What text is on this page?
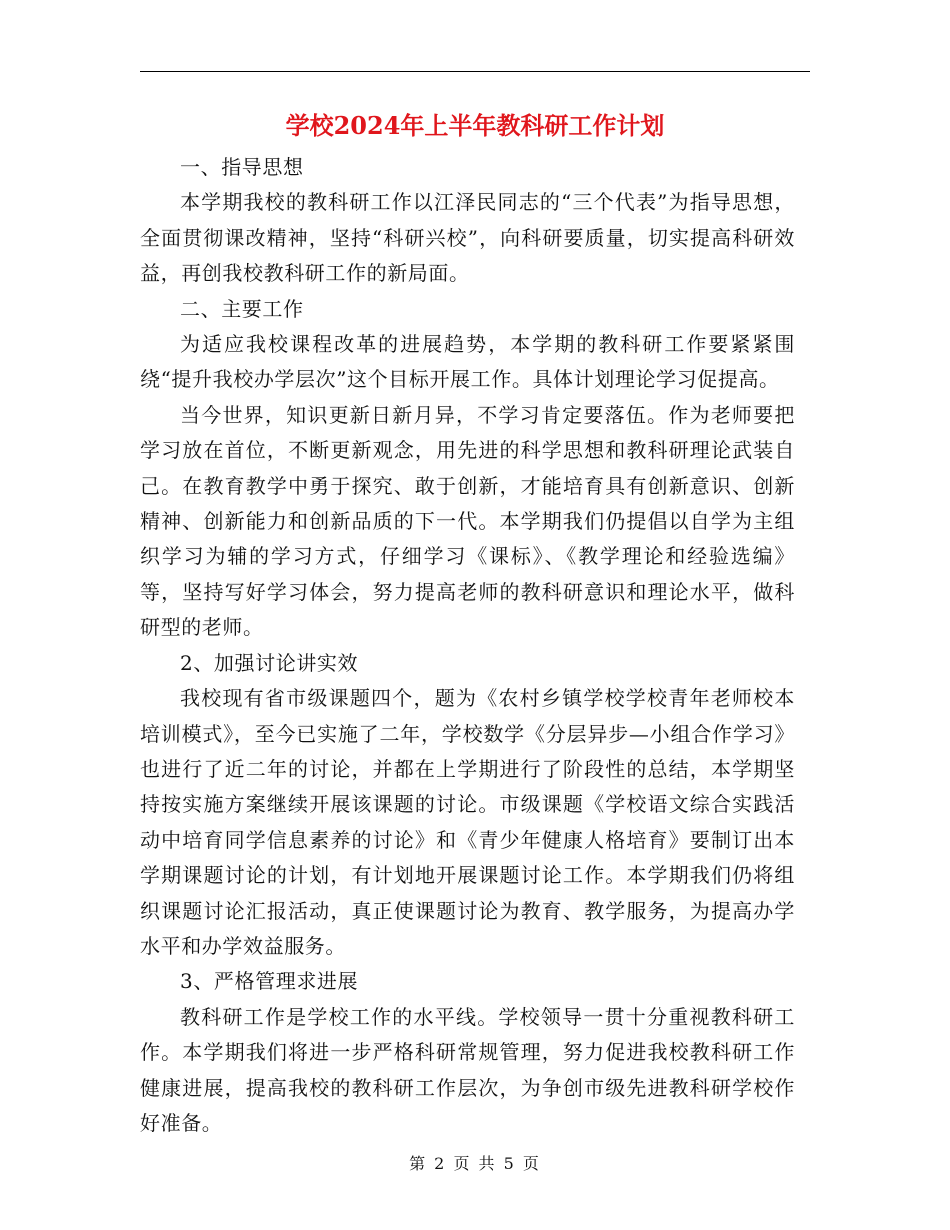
学校2024年上半年教科研工作计划

一、指导思想

本学期我校的教科研工作以江泽民同志的“三个代表”为指导思想，全面贯彻课改精神，坚持“科研兴校”，向科研要质量，切实提高科研效益，再创我校教科研工作的新局面。

二、主要工作

为适应我校课程改革的进展趋势，本学期的教科研工作要紧紧围绕“提升我校办学层次”这个目标开展工作。具体计划理论学习促提高。

当今世界，知识更新日新月异，不学习肯定要落伍。作为老师要把学习放在首位，不断更新观念，用先进的科学思想和教科研理论武装自己。在教育教学中勇于探究、敢于创新，才能培育具有创新意识、创新精神、创新能力和创新品质的下一代。本学期我们仍提倡以自学为主组织学习为辅的学习方式，仔细学习《课标》、《教学理论和经验选编》等，坚持写好学习体会，努力提高老师的教科研意识和理论水平，做科研型的老师。

2、加强讨论讲实效

我校现有省市级课题四个，题为《农村乡镇学校学校青年老师校本培训模式》，至今已实施了二年，学校数学《分层异步—小组合作学习》也进行了近二年的讨论，并都在上学期进行了阶段性的总结，本学期坚持按实施方案继续开展该课题的讨论。市级课题《学校语文综合实践活动中培育同学信息素养的讨论》和《青少年健康人格培育》要制订出本学期课题讨论的计划，有计划地开展课题讨论工作。本学期我们仍将组织课题讨论汇报活动，真正使课题讨论为教育、教学服务，为提高办学水平和办学效益服务。

3、严格管理求进展

教科研工作是学校工作的水平线。学校领导一贯十分重视教科研工作。本学期我们将进一步严格科研常规管理，努力促进我校教科研工作健康进展，提高我校的教科研工作层次，为争创市级先进教科研学校作好准备。

第 2 页 共 5 页
